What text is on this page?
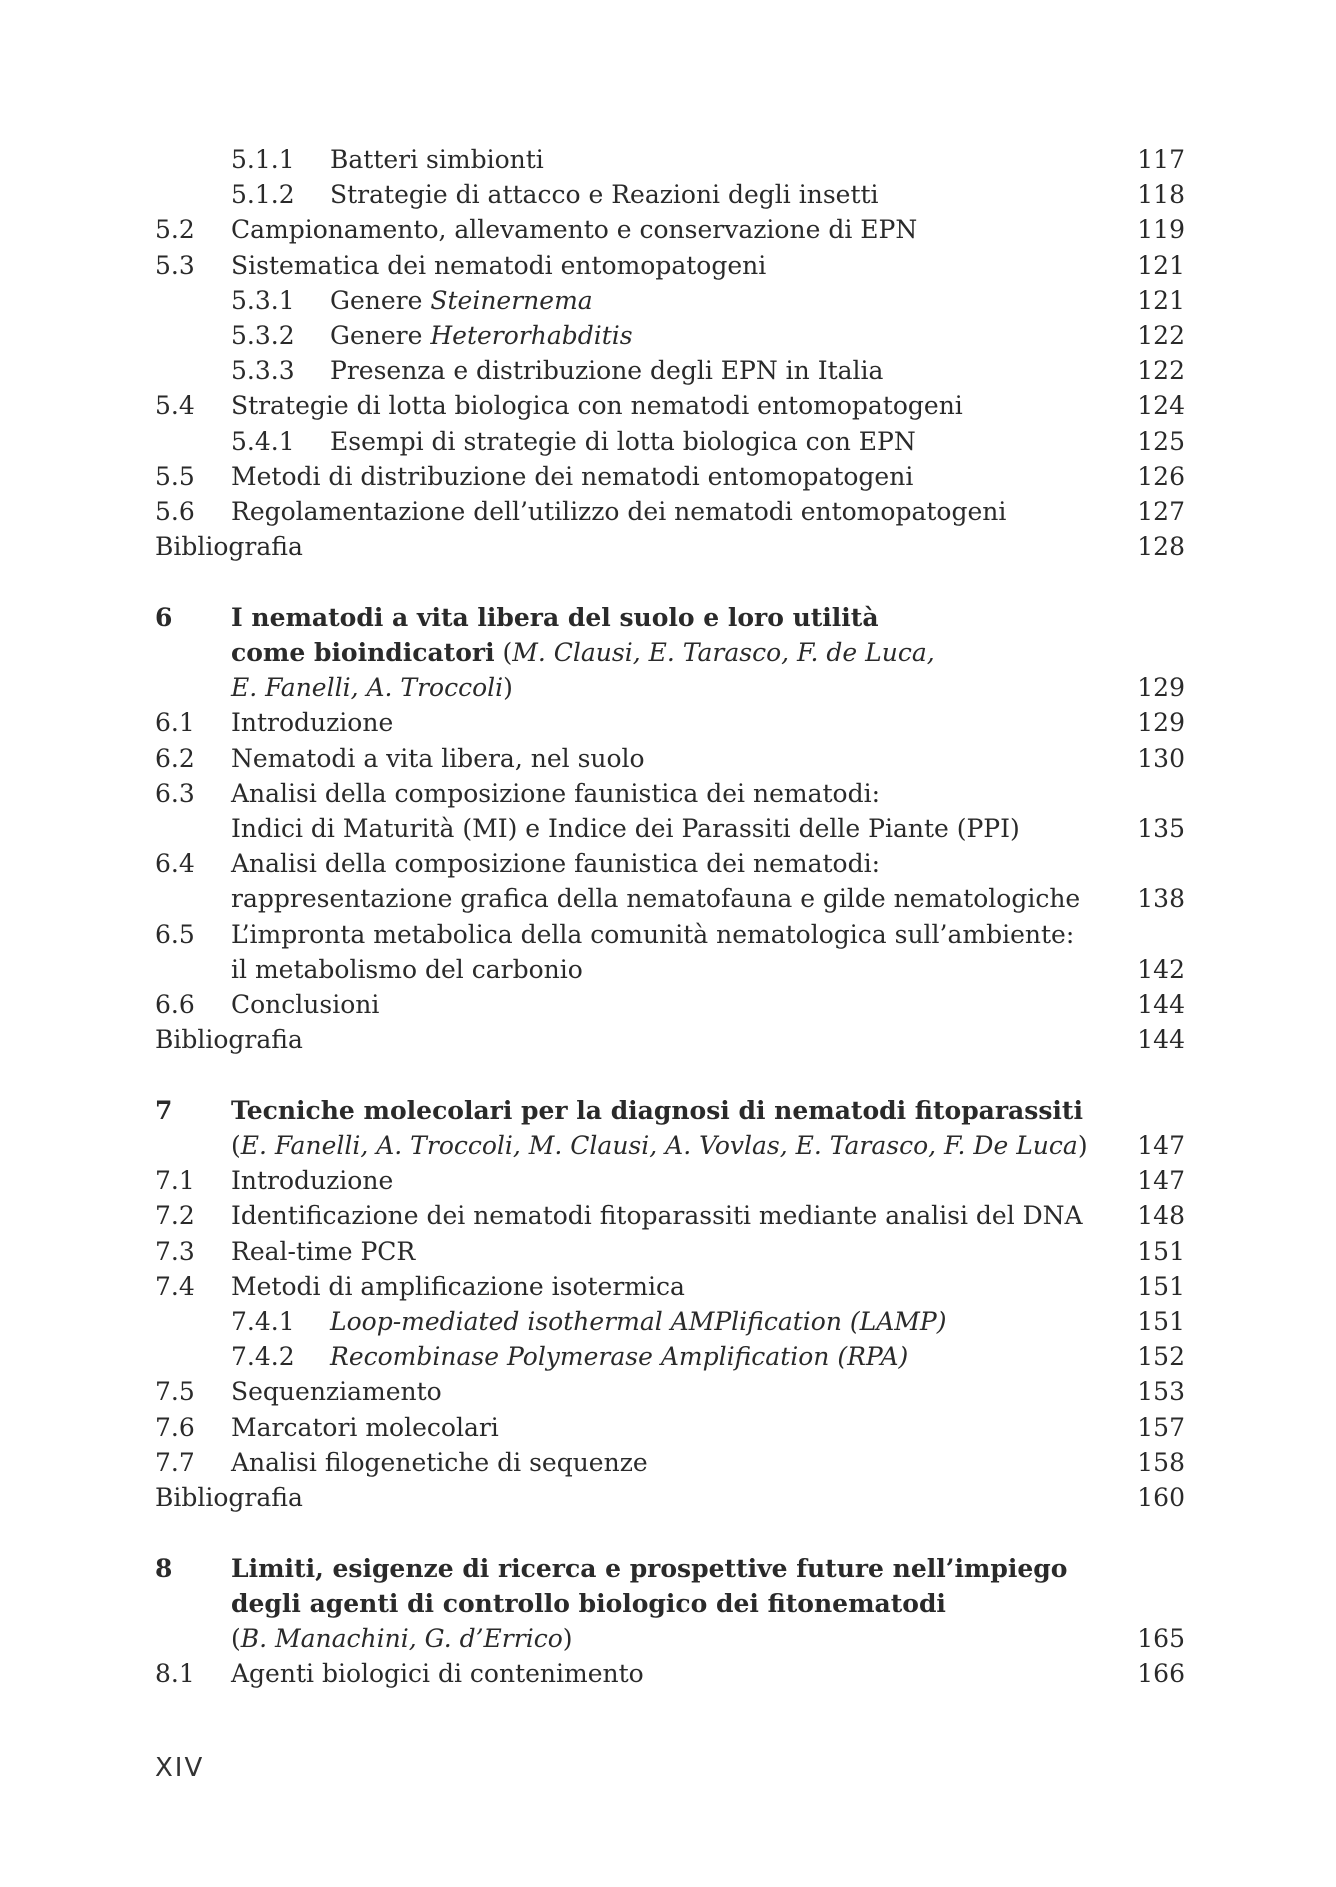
5.1.1 Batteri simbionti	117
5.1.2 Strategie di attacco e Reazioni degli insetti	118
5.2 Campionamento, allevamento e conservazione di EPN	119
5.3 Sistematica dei nematodi entomopatogeni	121
5.3.1 Genere Steinernema	121
5.3.2 Genere Heterorhabditis	122
5.3.3 Presenza e distribuzione degli EPN in Italia	122
5.4 Strategie di lotta biologica con nematodi entomopatogeni	124
5.4.1 Esempi di strategie di lotta biologica con EPN	125
5.5 Metodi di distribuzione dei nematodi entomopatogeni	126
5.6 Regolamentazione dell’utilizzo dei nematodi entomopatogeni	127
Bibliografia	128
6 I nematodi a vita libera del suolo e loro utilità
come bioindicatori (M. Clausi, E. Tarasco, F. de Luca,
E. Fanelli, A. Troccoli)	129
6.1 Introduzione	129
6.2 Nematodi a vita libera, nel suolo	130
6.3 Analisi della composizione faunistica dei nematodi:
Indici di Maturità (MI) e Indice dei Parassiti delle Piante (PPI)	135
6.4 Analisi della composizione faunistica dei nematodi:
rappresentazione grafica della nematofauna e gilde nematologiche 138
6.5 L’impronta metabolica della comunità nematologica sull’ambiente:
il metabolismo del carbonio	142
6.6 Conclusioni	144
Bibliografia	144
7 Tecniche molecolari per la diagnosi di nematodi fitoparassiti
(E. Fanelli, A. Troccoli, M. Clausi, A. Vovlas, E. Tarasco, F. De Luca) 147
7.1 Introduzione	147
7.2 Identificazione dei nematodi fitoparassiti mediante analisi del DNA 148
7.3 Real-time PCR	151
7.4 Metodi di amplificazione isotermica	151
7.4.1 Loop-mediated isothermal AMPlification (LAMP)	151
7.4.2 Recombinase Polymerase Amplification (RPA)	152
7.5 Sequenziamento	153
7.6 Marcatori molecolari	157
7.7 Analisi filogenetiche di sequenze	158
Bibliografia	160
8 Limiti, esigenze di ricerca e prospettive future nell’impiego
degli agenti di controllo biologico dei fitonematodi
(B. Manachini, G. d’Errico)	165
8.1 Agenti biologici di contenimento	166
XIV
